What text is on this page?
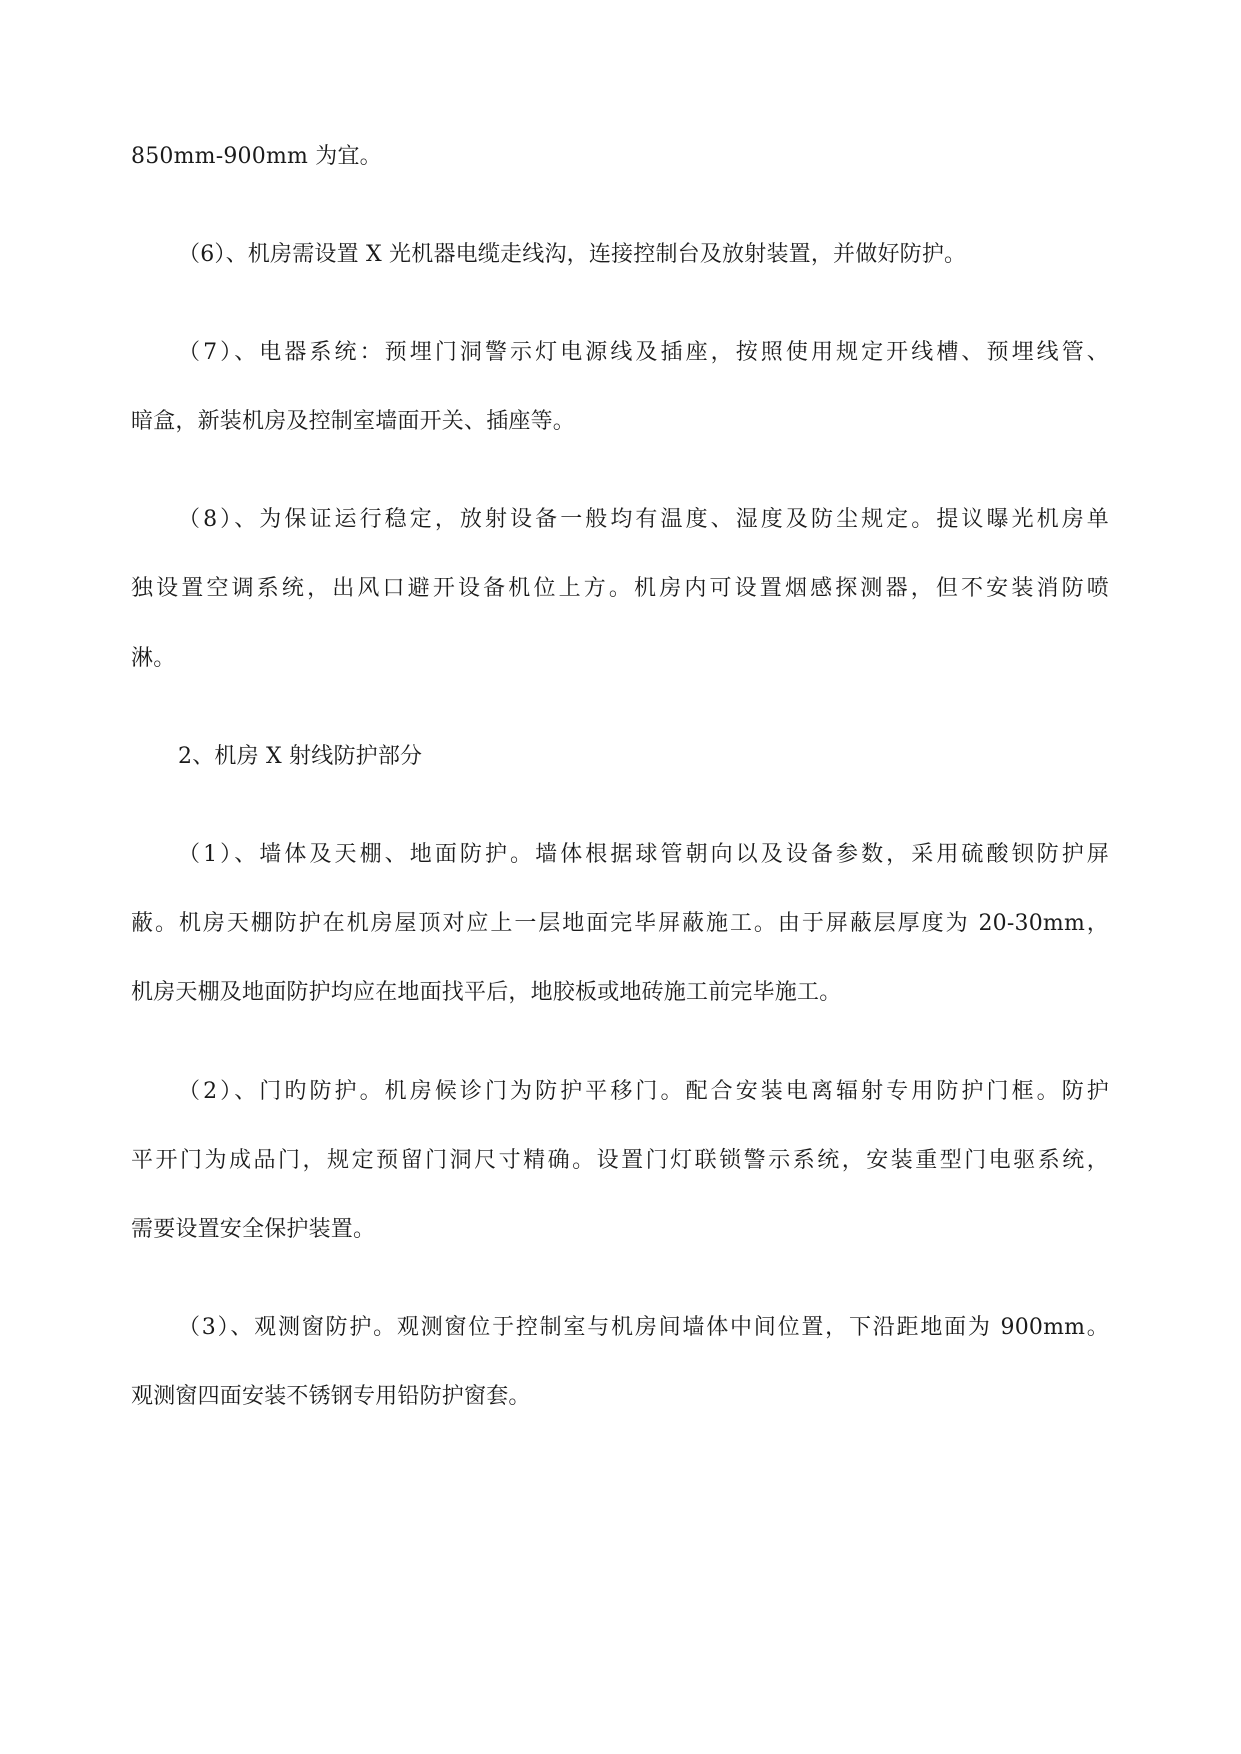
850mm-900mm 为宜。
（6）、机房需设置 X 光机器电缆走线沟，连接控制台及放射装置，并做好防护。
（7）、电器系统：预埋门洞警示灯电源线及插座，按照使用规定开线槽、预埋线管、
暗盒，新装机房及控制室墙面开关、插座等。
（8）、为保证运行稳定，放射设备一般均有温度、湿度及防尘规定。提议曝光机房单
独设置空调系统，出风口避开设备机位上方。机房内可设置烟感探测器，但不安装消防喷
淋。
2、机房 X 射线防护部分
（1）、墙体及天棚、地面防护。墙体根据球管朝向以及设备参数，采用硫酸钡防护屏
蔽。机房天棚防护在机房屋顶对应上一层地面完毕屏蔽施工。由于屏蔽层厚度为 20-30mm，
机房天棚及地面防护均应在地面找平后，地胶板或地砖施工前完毕施工。
（2）、门旳防护。机房候诊门为防护平移门。配合安装电离辐射专用防护门框。防护
平开门为成品门，规定预留门洞尺寸精确。设置门灯联锁警示系统，安装重型门电驱系统，
需要设置安全保护装置。
（3）、观测窗防护。观测窗位于控制室与机房间墙体中间位置，下沿距地面为 900mm。
观测窗四面安装不锈钢专用铅防护窗套。
